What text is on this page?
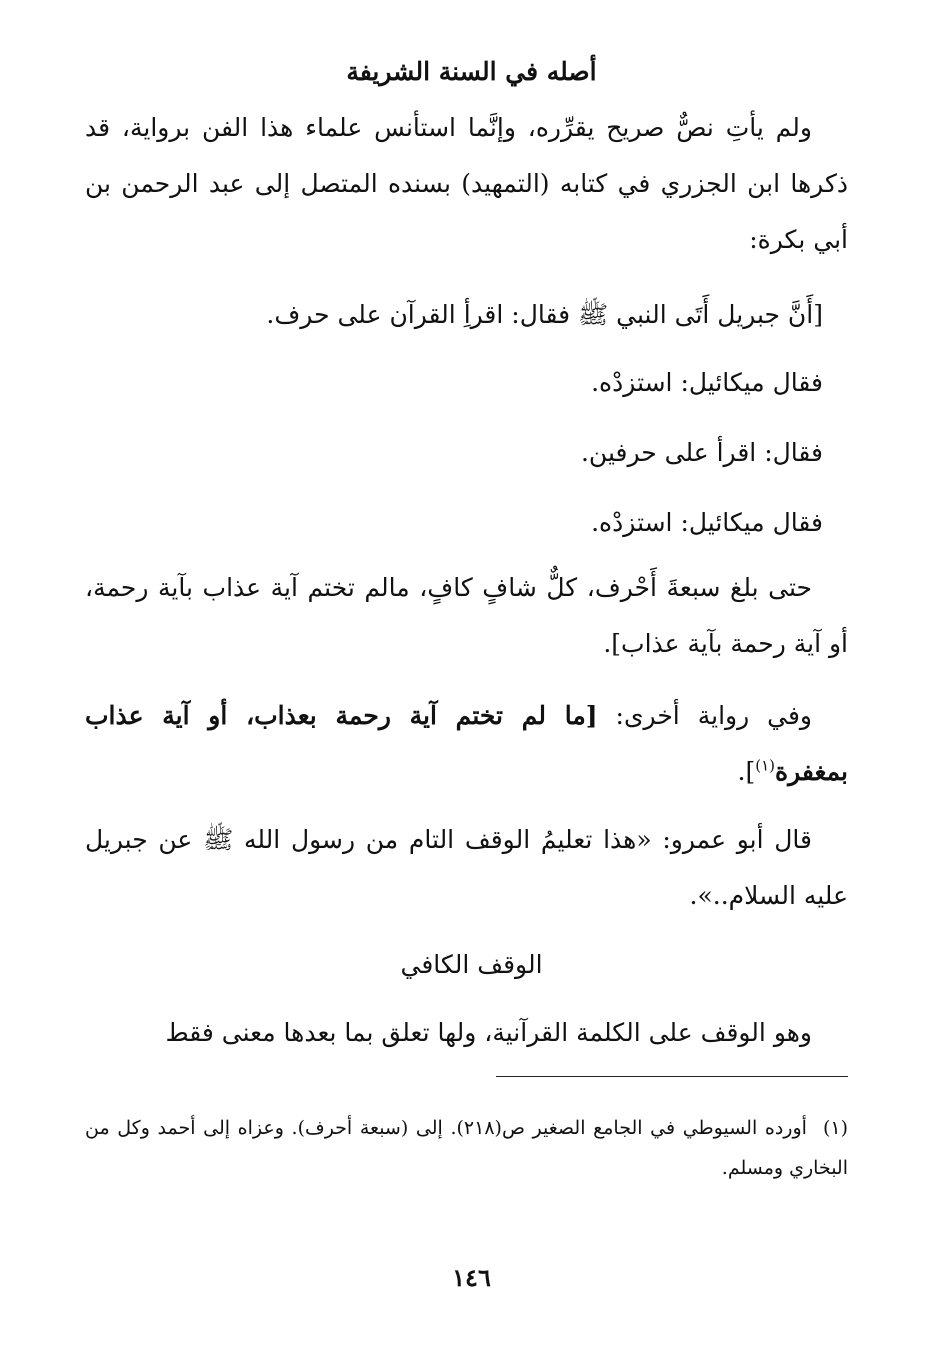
أصله في السنة الشريفة
ولم يأتِ نصٌّ صريح يقرِّره، وإنَّما استأنس علماء هذا الفن برواية، قد ذكرها ابن الجزري في كتابه (التمهيد) بسنده المتصل إلى عبد الرحمن بن أبي بكرة:
[أَنَّ جبريل أَتَى النبي ﷺ فقال: اقرأِ القرآن على حرف.
فقال ميكائيل: استزدْه.
فقال: اقرأ على حرفين.
فقال ميكائيل: استزدْه.
حتى بلغ سبعةَ أَحْرف، كلٌّ شافٍ كافٍ، مالم تختم آية عذاب بآية رحمة، أو آية رحمة بآية عذاب].
وفي رواية أخرى: [ما لم تختم آية رحمة بعذاب، أو آية عذاب بمغفرة$^{(١)}$].
قال أبو عمرو: «هذا تعليمُ الوقف التام من رسول الله ﷺ عن جبريل عليه السلام..».
الوقف الكافي
وهو الوقف على الكلمة القرآنية، ولها تعلق بما بعدها معنى فقط
(١)أورده السيوطي في الجامع الصغير ص(٢١٨). إلى (سبعة أحرف). وعزاه إلى أحمد وكل من البخاري ومسلم.
١٤٦
